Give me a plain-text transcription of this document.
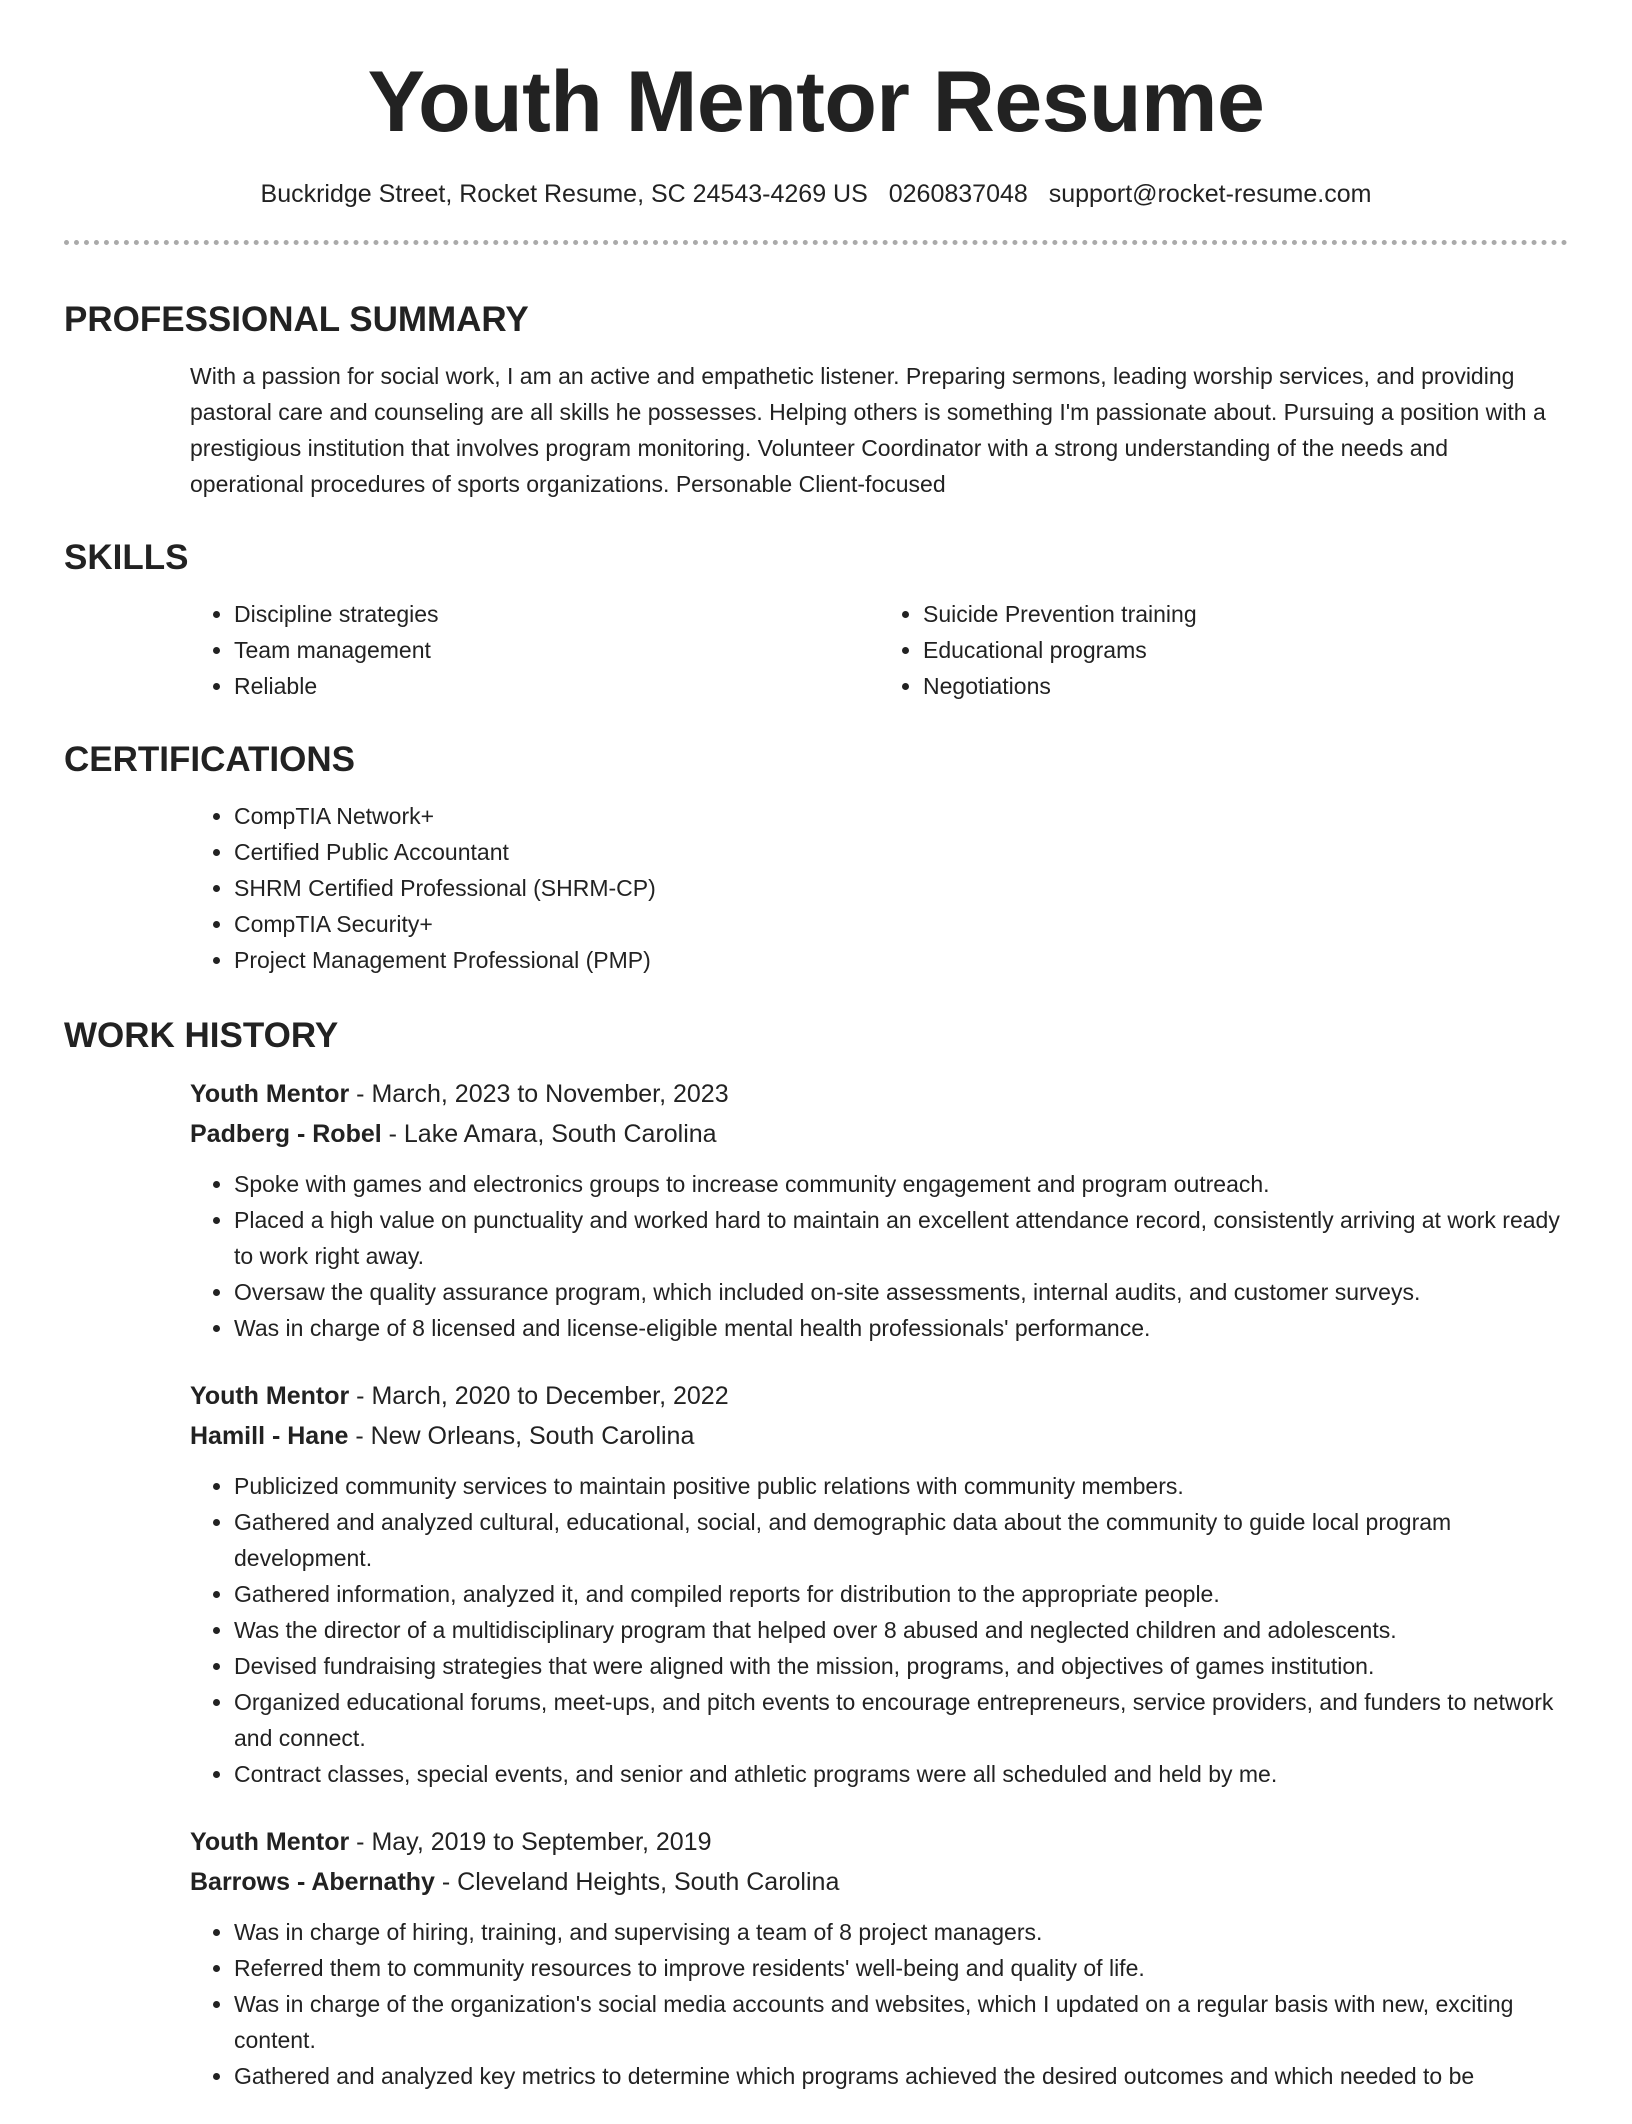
Youth Mentor Resume
Buckridge Street, Rocket Resume, SC 24543-4269 US 0260837048 support@rocket-resume.com
PROFESSIONAL SUMMARY

With a passion for social work, I am an active and empathetic listener. Preparing sermons, leading worship services, and providing pastoral care and counseling are all skills he possesses. Helping others is something I'm passionate about. Pursuing a position with a prestigious institution that involves program monitoring. Volunteer Coordinator with a strong understanding of the needs and operational procedures of sports organizations. Personable Client-focused

SKILLS
• Discipline strategies
• Team management
• Reliable
• Suicide Prevention training
• Educational programs
• Negotiations
CERTIFICATIONS
• CompTIA Network+
• Certified Public Accountant
• SHRM Certified Professional (SHRM-CP)
• CompTIA Security+
• Project Management Professional (PMP)
WORK HISTORY
Youth Mentor - March, 2023 to November, 2023
Padberg - Robel - Lake Amara, South Carolina
• Spoke with games and electronics groups to increase community engagement and program outreach.
• Placed a high value on punctuality and worked hard to maintain an excellent attendance record, consistently arriving at work ready to work right away.
• Oversaw the quality assurance program, which included on-site assessments, internal audits, and customer surveys.
• Was in charge of 8 licensed and license-eligible mental health professionals' performance.
Youth Mentor - March, 2020 to December, 2022
Hamill - Hane - New Orleans, South Carolina
• Publicized community services to maintain positive public relations with community members.
• Gathered and analyzed cultural, educational, social, and demographic data about the community to guide local program development.
• Gathered information, analyzed it, and compiled reports for distribution to the appropriate people.
• Was the director of a multidisciplinary program that helped over 8 abused and neglected children and adolescents.
• Devised fundraising strategies that were aligned with the mission, programs, and objectives of games institution.
• Organized educational forums, meet-ups, and pitch events to encourage entrepreneurs, service providers, and funders to network and connect.
• Contract classes, special events, and senior and athletic programs were all scheduled and held by me.
Youth Mentor - May, 2019 to September, 2019
Barrows - Abernathy - Cleveland Heights, South Carolina
• Was in charge of hiring, training, and supervising a team of 8 project managers.
• Referred them to community resources to improve residents' well-being and quality of life.
• Was in charge of the organization's social media accounts and websites, which I updated on a regular basis with new, exciting content.
• Gathered and analyzed key metrics to determine which programs achieved the desired outcomes and which needed to be
